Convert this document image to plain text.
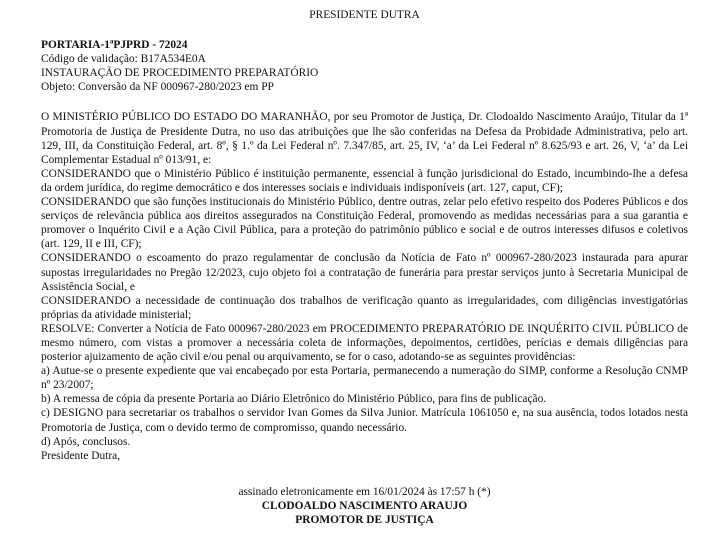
PRESIDENTE DUTRA
PORTARIA-1ªPJPRD - 72024
Código de validação: B17A534E0A
INSTAURAÇÃO DE PROCEDIMENTO PREPARATÓRIO
Objeto: Conversão da NF 000967-280/2023 em PP

O MINISTÉRIO PÚBLICO DO ESTADO DO MARANHÃO, por seu Promotor de Justiça, Dr. Clodoaldo Nascimento Araújo, Titular da 1ª Promotoria de Justiça de Presidente Dutra, no uso das atribuições que lhe são conferidas na Defesa da Probidade Administrativa, pelo art. 129, III, da Constituição Federal, art. 8º, § 1.º da Lei Federal nº. 7.347/85, art. 25, IV, ‘a’ da Lei Federal nº 8.625/93 e art. 26, V, ‘a’ da Lei Complementar Estadual nº 013/91, e:

CONSIDERANDO que o Ministério Público é instituição permanente, essencial à função jurisdicional do Estado, incumbindo-lhe a defesa da ordem jurídica, do regime democrático e dos interesses sociais e individuais indisponíveis (art. 127, caput, CF);

CONSIDERANDO que são funções institucionais do Ministério Público, dentre outras, zelar pelo efetivo respeito dos Poderes Públicos e dos serviços de relevância pública aos direitos assegurados na Constituição Federal, promovendo as medidas necessárias para a sua garantia e promover o Inquérito Civil e a Ação Civil Pública, para a proteção do patrimônio público e social e de outros interesses difusos e coletivos (art. 129, II e III, CF);

CONSIDERANDO o escoamento do prazo regulamentar de conclusão da Notícia de Fato nº 000967-280/2023 instaurada para apurar supostas irregularidades no Pregão 12/2023, cujo objeto foi a contratação de funerária para prestar serviços junto à Secretaria Municipal de Assistência Social, e

CONSIDERANDO a necessidade de continuação dos trabalhos de verificação quanto as irregularidades, com diligências investigatórias próprias da atividade ministerial;

RESOLVE: Converter a Notícia de Fato 000967-280/2023 em PROCEDIMENTO PREPARATÓRIO DE INQUÉRITO CIVIL PÚBLICO de mesmo número, com vistas a promover a necessária coleta de informações, depoimentos, certidões, perícias e demais diligências para posterior ajuizamento de ação civil e/ou penal ou arquivamento, se for o caso, adotando-se as seguintes providências:

a) Autue-se o presente expediente que vai encabeçado por esta Portaria, permanecendo a numeração do SIMP, conforme a Resolução CNMP nº 23/2007;

b) A remessa de cópia da presente Portaria ao Diário Eletrônico do Ministério Público, para fins de publicação.

c) DESIGNO para secretariar os trabalhos o servidor Ivan Gomes da Silva Junior. Matrícula 1061050 e, na sua ausência, todos lotados nesta Promotoria de Justiça, com o devido termo de compromisso, quando necessário.

d) Após, conclusos.

Presidente Dutra,

assinado eletronicamente em 16/01/2024 às 17:57 h (*)
CLODOALDO NASCIMENTO ARAUJO
PROMOTOR DE JUSTIÇA
